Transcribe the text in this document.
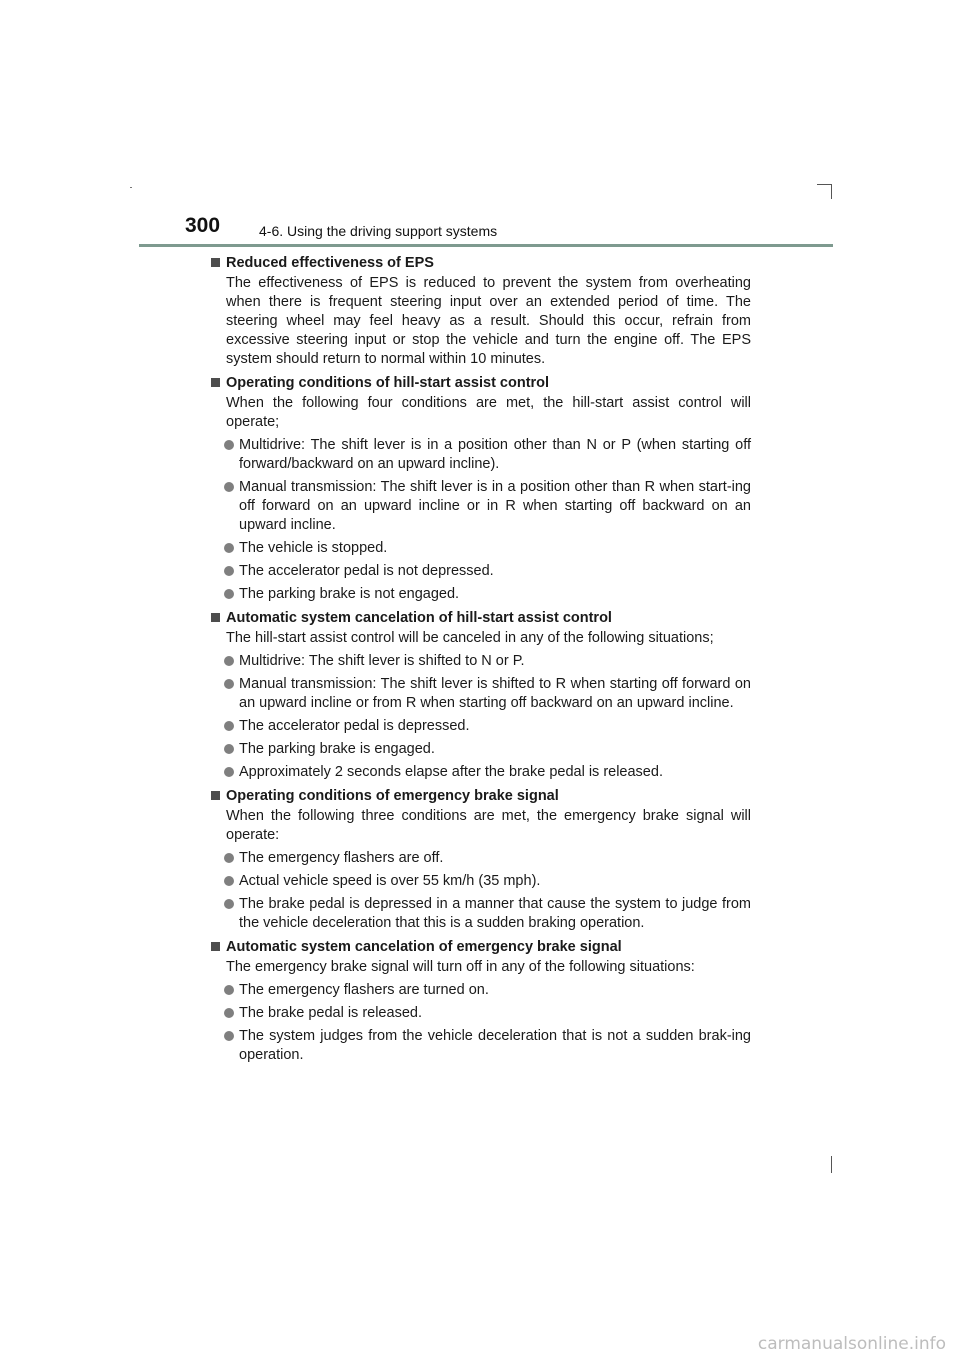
300	4-6. Using the driving support systems
Reduced effectiveness of EPS
The effectiveness of EPS is reduced to prevent the system from overheating when there is frequent steering input over an extended period of time. The steering wheel may feel heavy as a result. Should this occur, refrain from excessive steering input or stop the vehicle and turn the engine off. The EPS system should return to normal within 10 minutes.
Operating conditions of hill-start assist control
When the following four conditions are met, the hill-start assist control will operate;
Multidrive: The shift lever is in a position other than N or P (when starting off forward/backward on an upward incline).
Manual transmission: The shift lever is in a position other than R when start-ing off forward on an upward incline or in R when starting off backward on an upward incline.
The vehicle is stopped.
The accelerator pedal is not depressed.
The parking brake is not engaged.
Automatic system cancelation of hill-start assist control
The hill-start assist control will be canceled in any of the following situations;
Multidrive: The shift lever is shifted to N or P.
Manual transmission: The shift lever is shifted to R when starting off forward on an upward incline or from R when starting off backward on an upward incline.
The accelerator pedal is depressed.
The parking brake is engaged.
Approximately 2 seconds elapse after the brake pedal is released.
Operating conditions of emergency brake signal
When the following three conditions are met, the emergency brake signal will operate:
The emergency flashers are off.
Actual vehicle speed is over 55 km/h (35 mph).
The brake pedal is depressed in a manner that cause the system to judge from the vehicle deceleration that this is a sudden braking operation.
Automatic system cancelation of emergency brake signal
The emergency brake signal will turn off in any of the following situations:
The emergency flashers are turned on.
The brake pedal is released.
The system judges from the vehicle deceleration that is not a sudden brak-ing operation.
carmanualsonline.info
